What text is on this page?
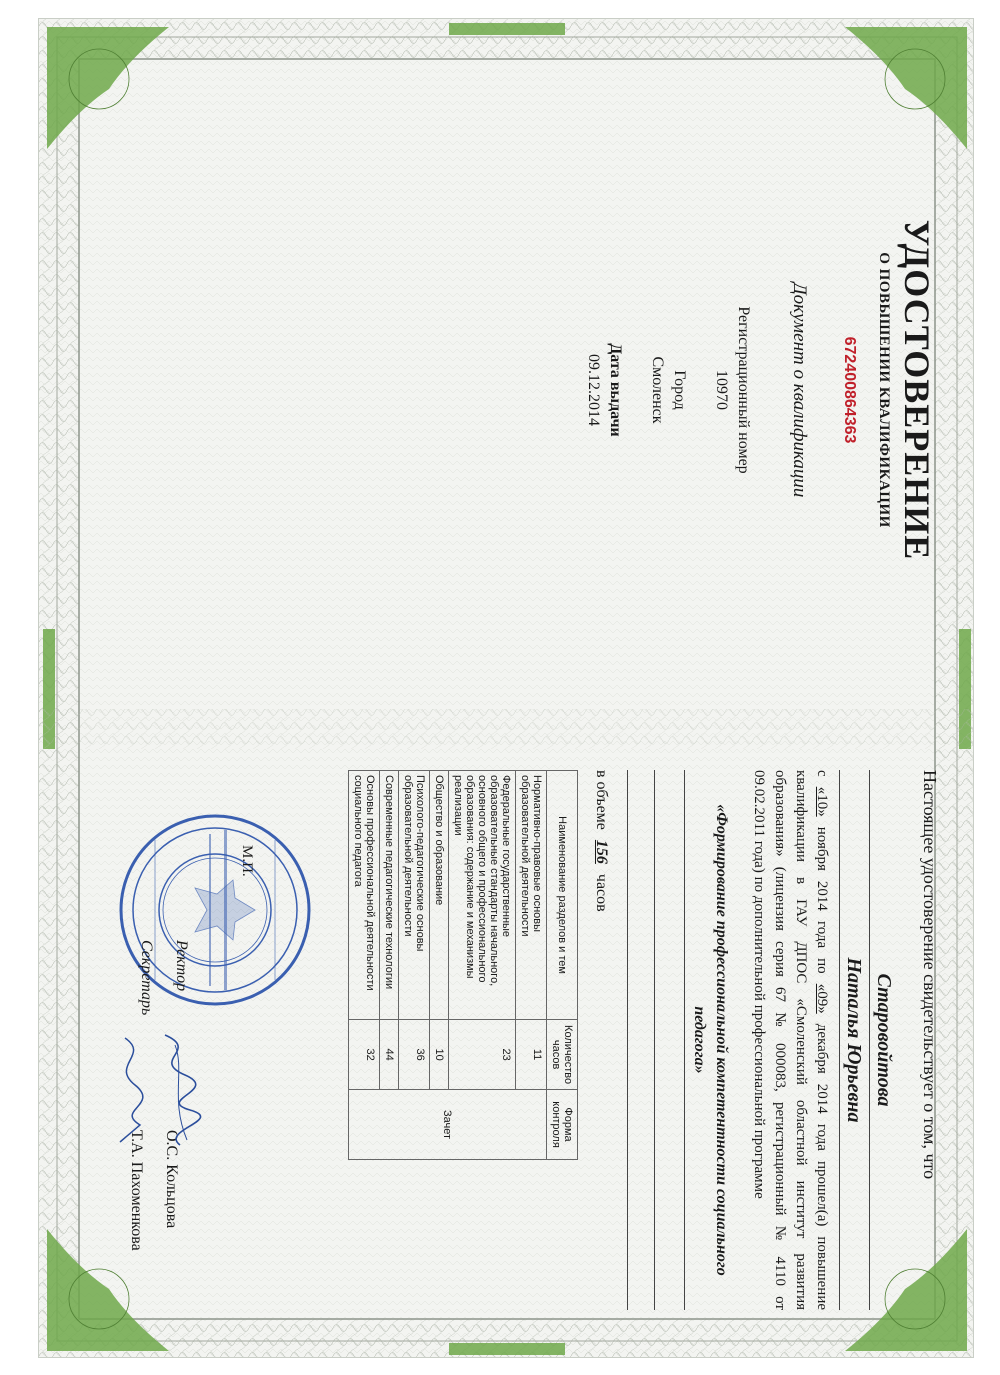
УДОСТОВЕРЕНИЕ
О ПОВЫШЕНИИ КВАЛИФИКАЦИИ
672400864363
Документ о квалификации
Регистрационный номер
10970
Город
Смоленск
Дата выдачи
09.12.2014
Настоящее удостоверение свидетельствует о том, что
Старовойтова
Наталья Юрьевна
с «10» ноября 2014 года по «09» декабря 2014 года прошел(а) повышение квалификации в ГАУ ДПОС «Смоленский областной институт развития образования» (лицензия серия 67 № 000083, регистрационный № 4110 от 09.02.2011 года) по дополнительной профессиональной программе
«Формирование профессиональной компетентности социального педагога»
в объеме 156 часов
Наименование разделов и тем	Количество часов	Форма контроля
Нормативно-правовые основы образовательной деятельности	11	Зачет
Федеральные государственные образовательные стандарты начального, основного общего и профессионального образования: содержание и механизмы реализации	23	
Общество и образование	10	
Психолого-педагогические основы образовательной деятельности	36	
Современные педагогические технологии	44	
Основы профессиональной деятельности социального педагога	32	
М.П.
Ректор
О.С. Кольцова
Секретарь
Т.А. Пахоменкова
